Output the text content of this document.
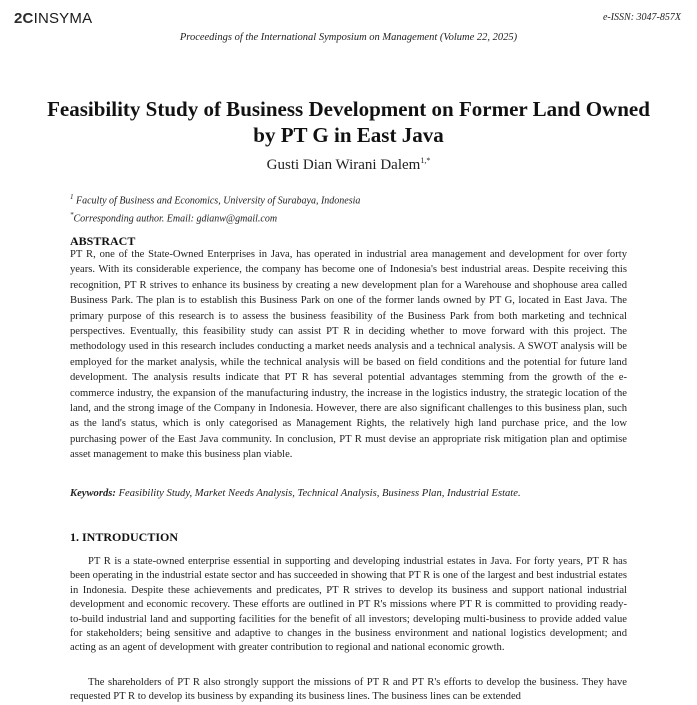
2CINSYMA	e-ISSN: 3047-857X
Proceedings of the International Symposium on Management (Volume 22, 2025)
Feasibility Study of Business Development on Former Land Owned by PT G in East Java
Gusti Dian Wirani Dalem$^{1,*}$
$^1$ Faculty of Business and Economics, University of Surabaya, Indonesia
*Corresponding author. Email: gdianw@gmail.com
ABSTRACT
PT R, one of the State-Owned Enterprises in Java, has operated in industrial area management and development for over forty years. With its considerable experience, the company has become one of Indonesia's best industrial areas. Despite receiving this recognition, PT R strives to enhance its business by creating a new development plan for a Warehouse and shophouse area called Business Park. The plan is to establish this Business Park on one of the former lands owned by PT G, located in East Java. The primary purpose of this research is to assess the business feasibility of the Business Park from both marketing and technical perspectives. Eventually, this feasibility study can assist PT R in deciding whether to move forward with this project. The methodology used in this research includes conducting a market needs analysis and a technical analysis. A SWOT analysis will be employed for the market analysis, while the technical analysis will be based on field conditions and the potential for future land development. The analysis results indicate that PT R has several potential advantages stemming from the growth of the e-commerce industry, the expansion of the manufacturing industry, the increase in the logistics industry, the strategic location of the land, and the strong image of the Company in Indonesia. However, there are also significant challenges to this business plan, such as the land's status, which is only categorised as Management Rights, the relatively high land purchase price, and the low purchasing power of the East Java community. In conclusion, PT R must devise an appropriate risk mitigation plan and optimise asset management to make this business plan viable.
Keywords: Feasibility Study, Market Needs Analysis, Technical Analysis, Business Plan, Industrial Estate.
1. INTRODUCTION
PT R is a state-owned enterprise essential in supporting and developing industrial estates in Java. For forty years, PT R has been operating in the industrial estate sector and has succeeded in showing that PT R is one of the largest and best industrial estates in Indonesia. Despite these achievements and predicates, PT R strives to develop its business and support national industrial development and economic recovery. These efforts are outlined in PT R's missions where PT R is committed to providing ready-to-build industrial land and supporting facilities for the benefit of all investors; developing multi-business to provide added value for stakeholders; being sensitive and adaptive to changes in the business environment and national logistics development; and acting as an agent of development with greater contribution to regional and national economic growth.
The shareholders of PT R also strongly support the missions of PT R and PT R's efforts to develop the business. They have requested PT R to develop its business by expanding its business lines. The business lines can be extended
